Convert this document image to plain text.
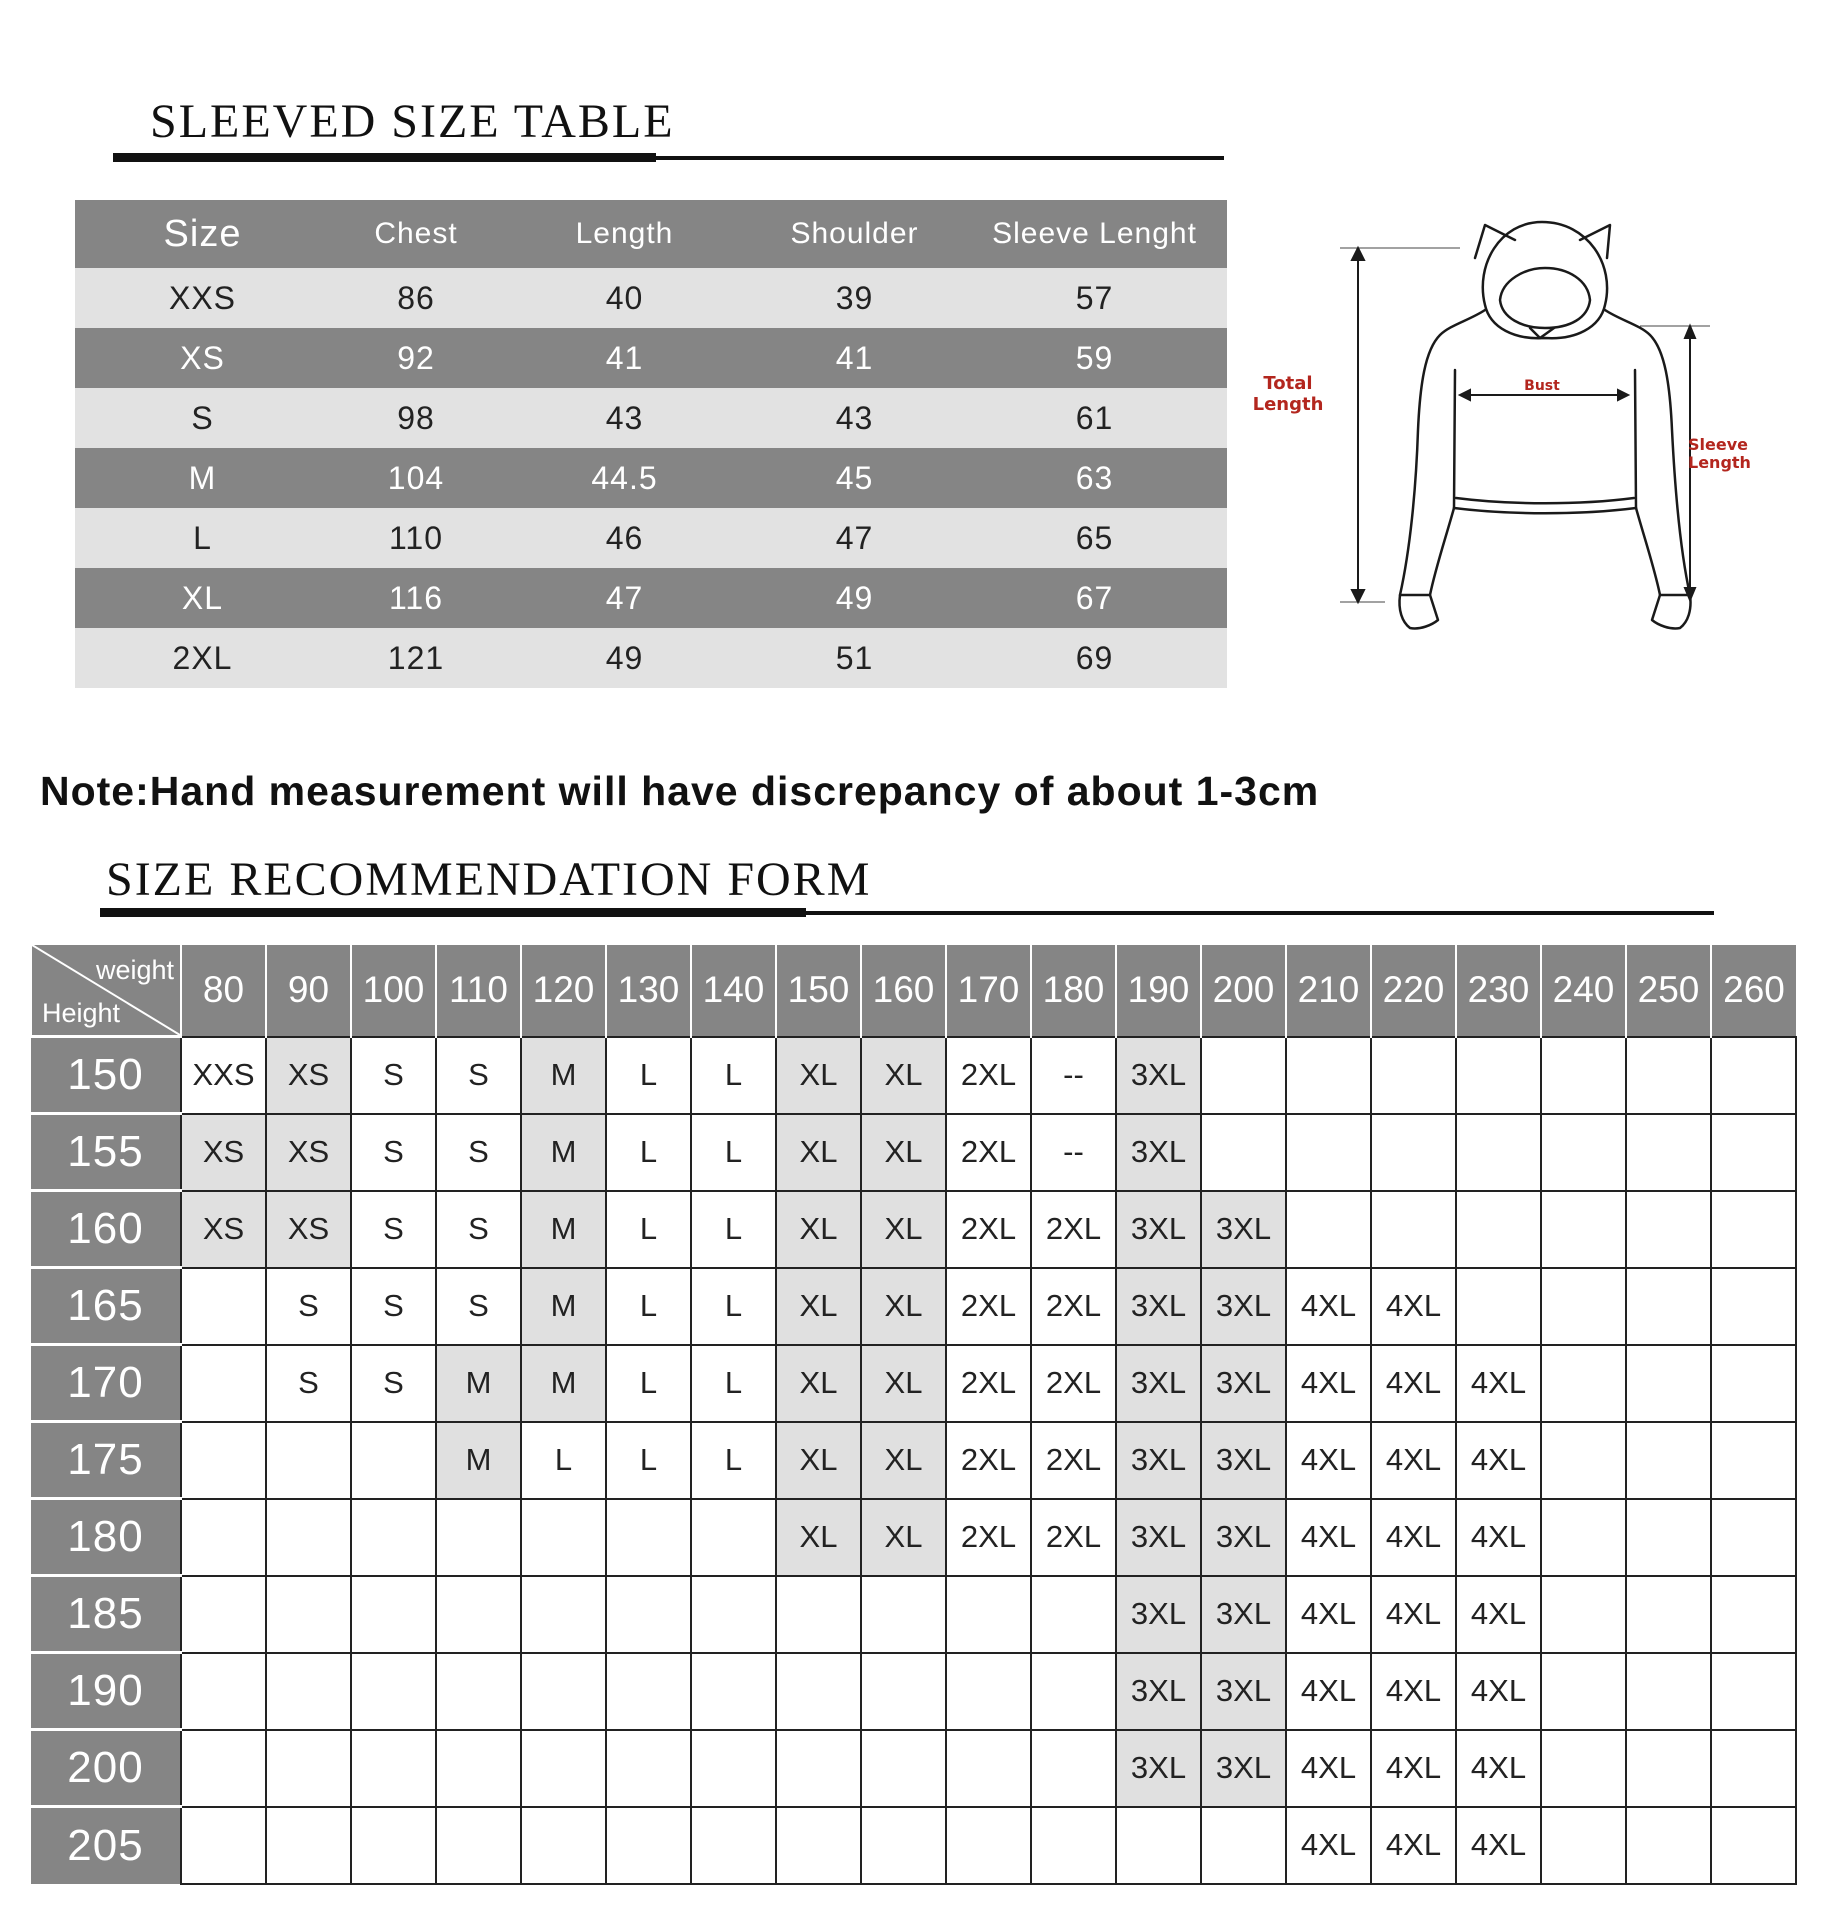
SLEEVED SIZE TABLE
Size	Chest	Length	Shoulder	Sleeve Lenght
XXS	86	40	39	57
XS	92	41	41	59
S	98	43	43	61
M	104	44.5	45	63
L	110	46	47	65
XL	116	47	49	67
2XL	121	49	51	69
Total Length
Bust
Sleeve Length
Note:Hand measurement will have discrepancy of about 1-3cm
SIZE RECOMMENDATION FORM
weight
Height	80	90	100	110	120	130	140	150	160	170	180	190	200	210	220	230	240	250	260
150	XXS	XS	S	S	M	L	L	XL	XL	2XL	--	3XL							
155	XS	XS	S	S	M	L	L	XL	XL	2XL	--	3XL							
160	XS	XS	S	S	M	L	L	XL	XL	2XL	2XL	3XL	3XL						
165		S	S	S	M	L	L	XL	XL	2XL	2XL	3XL	3XL	4XL	4XL				
170		S	S	M	M	L	L	XL	XL	2XL	2XL	3XL	3XL	4XL	4XL	4XL			
175				M	L	L	L	XL	XL	2XL	2XL	3XL	3XL	4XL	4XL	4XL			
180								XL	XL	2XL	2XL	3XL	3XL	4XL	4XL	4XL			
185												3XL	3XL	4XL	4XL	4XL			
190												3XL	3XL	4XL	4XL	4XL			
200												3XL	3XL	4XL	4XL	4XL			
205														4XL	4XL	4XL			
